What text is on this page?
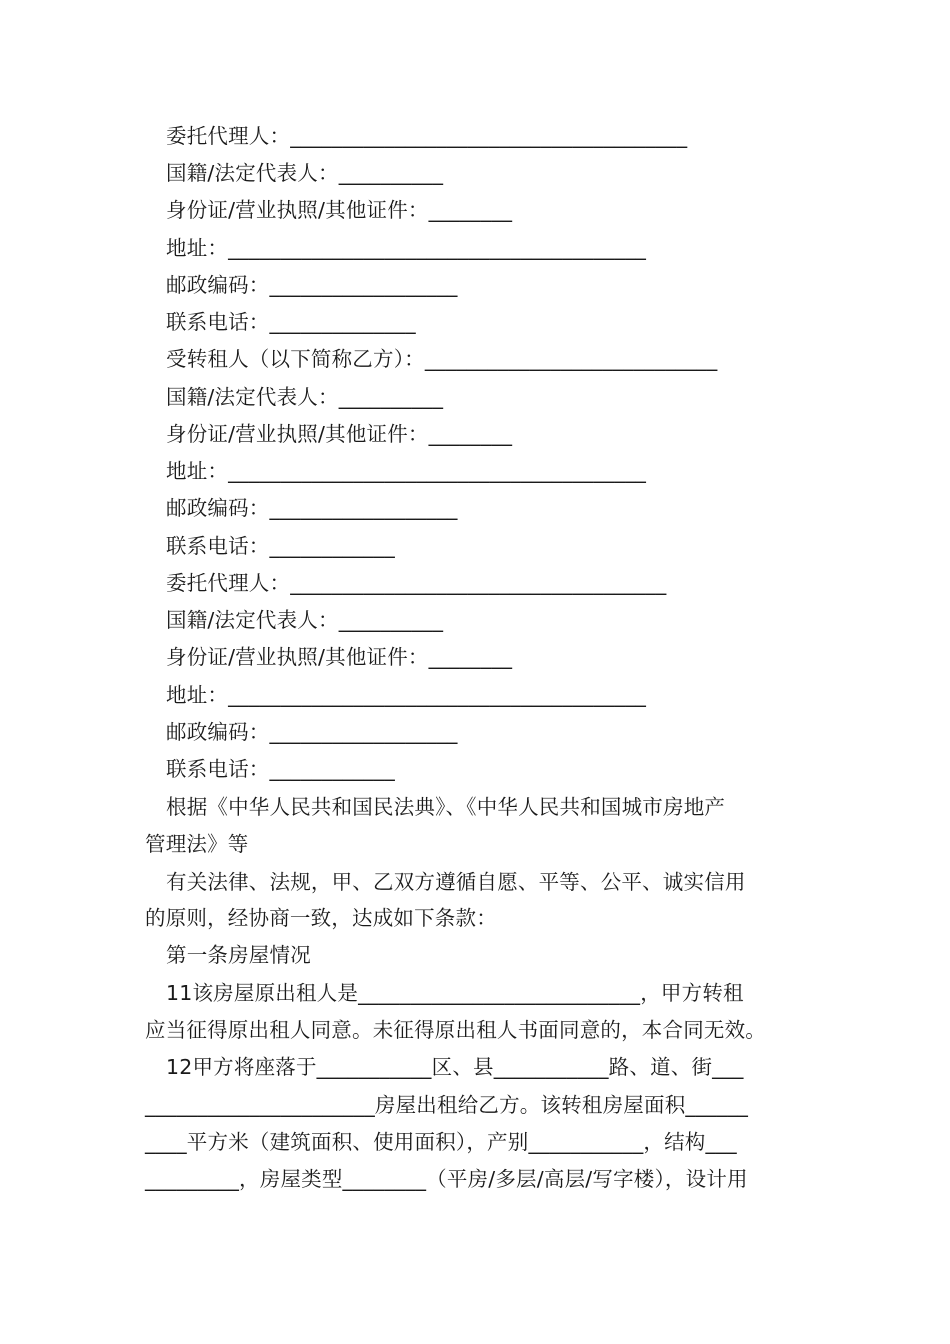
委托代理人：______________________________________
国籍/法定代表人：__________
身份证/营业执照/其他证件：________
地址：________________________________________
邮政编码：__________________
联系电话：______________
受转租人（以下简称乙方）：____________________________
国籍/法定代表人：__________
身份证/营业执照/其他证件：________
地址：________________________________________
邮政编码：__________________
联系电话：____________
委托代理人：____________________________________
国籍/法定代表人：__________
身份证/营业执照/其他证件：________
地址：________________________________________
邮政编码：__________________
联系电话：____________
根据《中华人民共和国民法典》、《中华人民共和国城市房地产
管理法》等
有关法律、法规，甲、乙双方遵循自愿、平等、公平、诚实信用
的原则，经协商一致，达成如下条款：
第一条房屋情况
11该房屋原出租人是___________________________，甲方转租
应当征得原出租人同意。未征得原出租人书面同意的，本合同无效。
12甲方将座落于___________区、县___________路、道、街___
______________________房屋出租给乙方。该转租房屋面积______
____平方米（建筑面积、使用面积），产别___________，结构___
_________，房屋类型________（平房/多层/高层/写字楼），设计用
